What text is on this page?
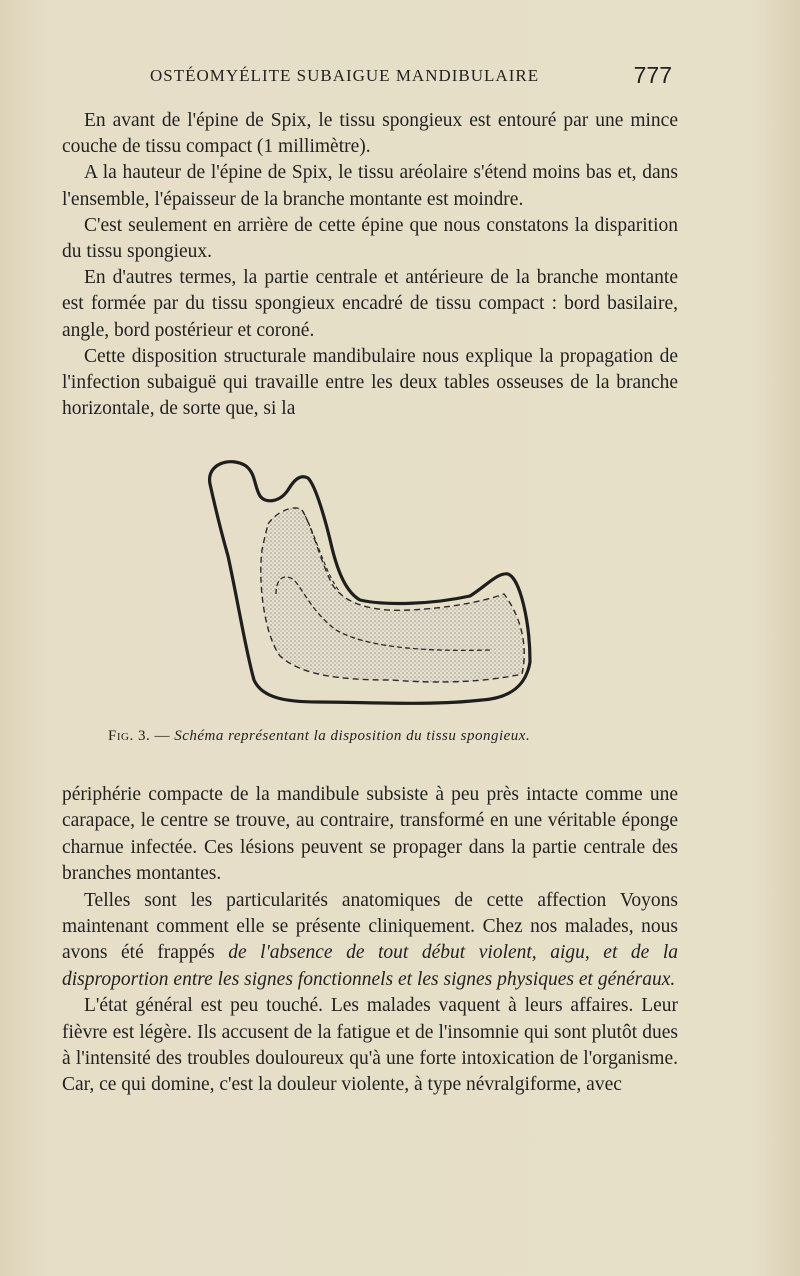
OSTÉOMYÉLITE SUBAIGUE MANDIBULAIRE	777

En avant de l'épine de Spix, le tissu spongieux est entouré par une mince couche de tissu compact (1 millimètre).

A la hauteur de l'épine de Spix, le tissu aréolaire s'étend moins bas et, dans l'ensemble, l'épaisseur de la branche montante est moindre.

C'est seulement en arrière de cette épine que nous constatons la disparition du tissu spongieux.

En d'autres termes, la partie centrale et antérieure de la branche montante est formée par du tissu spongieux encadré de tissu compact : bord basilaire, angle, bord postérieur et coroné.

Cette disposition structurale mandibulaire nous explique la propagation de l'infection subaiguë qui travaille entre les deux tables osseuses de la branche horizontale, de sorte que, si la

Fig. 3. — Schéma représentant la disposition du tissu spongieux.

périphérie compacte de la mandibule subsiste à peu près intacte comme une carapace, le centre se trouve, au contraire, transformé en une véritable éponge charnue infectée. Ces lésions peuvent se propager dans la partie centrale des branches montantes.

Telles sont les particularités anatomiques de cette affection Voyons maintenant comment elle se présente cliniquement. Chez nos malades, nous avons été frappés de l'absence de tout début violent, aigu, et de la disproportion entre les signes fonctionnels et les signes physiques et généraux.

L'état général est peu touché. Les malades vaquent à leurs affaires. Leur fièvre est légère. Ils accusent de la fatigue et de l'insomnie qui sont plutôt dues à l'intensité des troubles douloureux qu'à une forte intoxication de l'organisme. Car, ce qui domine, c'est la douleur violente, à type névralgiforme, avec
